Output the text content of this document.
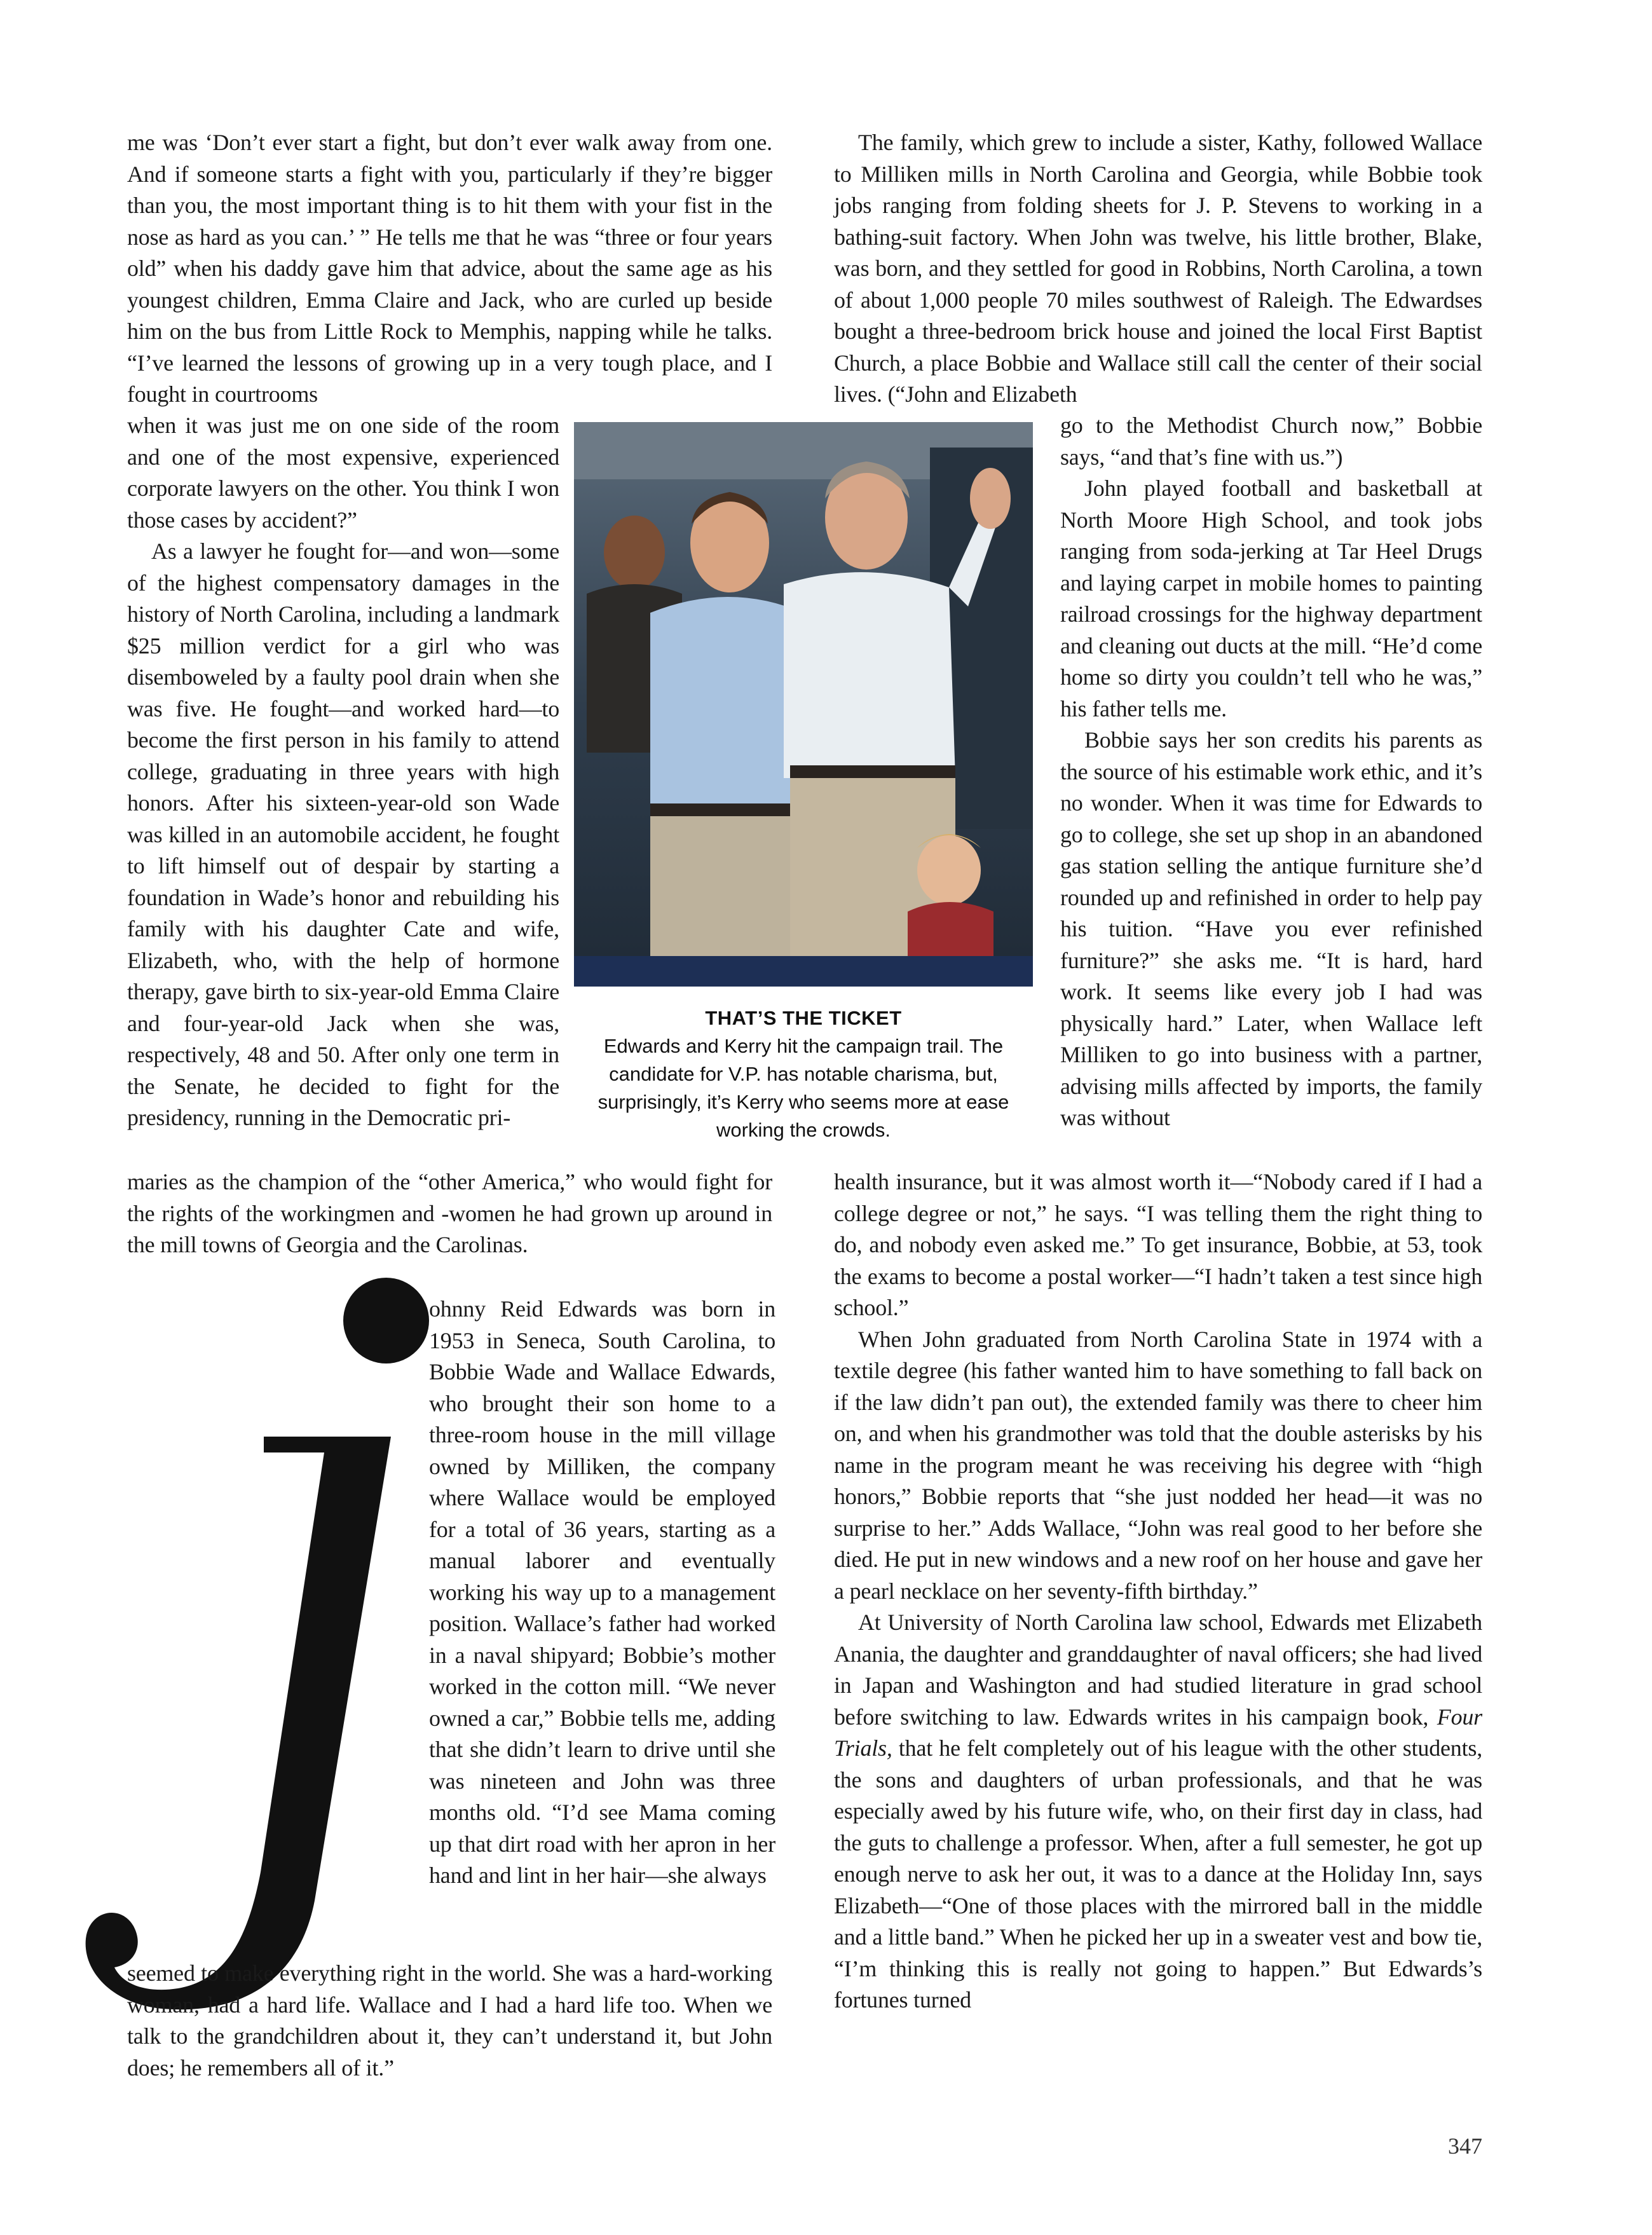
me was ‘Don’t ever start a fight, but don’t ever walk away from one. And if someone starts a fight with you, particularly if they’re bigger than you, the most important thing is to hit them with your fist in the nose as hard as you can.’ ” He tells me that he was “three or four years old” when his daddy gave him that advice, about the same age as his youngest children, Emma Claire and Jack, who are curled up beside him on the bus from Little Rock to Memphis, napping while he talks. “I’ve learned the lessons of growing up in a very tough place, and I fought in courtrooms

when it was just me on one side of the room and one of the most expensive, experienced corporate lawyers on the other. You think I won those cases by accident?”

As a lawyer he fought for—and won—some of the highest compensatory damages in the history of North Carolina, including a landmark $25 million verdict for a girl who was disemboweled by a faulty pool drain when she was five. He fought—and worked hard—to become the first person in his family to attend college, graduating in three years with high honors. After his sixteen-year-old son Wade was killed in an automobile accident, he fought to lift himself out of despair by starting a foundation in Wade’s honor and rebuilding his family with his daughter Cate and wife, Elizabeth, who, with the help of hormone therapy, gave birth to six-year-old Emma Claire and four-year-old Jack when she was, respectively, 48 and 50. After only one term in the Senate, he decided to fight for the presidency, running in the Democratic pri-

maries as the champion of the “other America,” who would fight for the rights of the workingmen and -women he had grown up around in the mill towns of Georgia and the Carolinas.

ohnny Reid Edwards was born in 1953 in Seneca, South Carolina, to Bobbie Wade and Wallace Edwards, who brought their son home to a three-room house in the mill village owned by Milliken, the company where Wallace would be employed for a total of 36 years, starting as a manual laborer and eventually working his way up to a management position. Wallace’s father had worked in a naval shipyard; Bobbie’s mother worked in the cotton mill. “We never owned a car,” Bobbie tells me, adding that she didn’t learn to drive until she was nineteen and John was three months old. “I’d see Mama coming up that dirt road with her apron in her hand and lint in her hair—she always

seemed to make everything right in the world. She was a hard-working woman, had a hard life. Wallace and I had a hard life too. When we talk to the grandchildren about it, they can’t understand it, but John does; he remembers all of it.”

THAT’S THE TICKET
Edwards and Kerry hit the campaign trail. The candidate for V.P. has notable charisma, but, surprisingly, it’s Kerry who seems more at ease working the crowds.

The family, which grew to include a sister, Kathy, followed Wallace to Milliken mills in North Carolina and Georgia, while Bobbie took jobs ranging from folding sheets for J. P. Stevens to working in a bathing-suit factory. When John was twelve, his little brother, Blake, was born, and they settled for good in Robbins, North Carolina, a town of about 1,000 people 70 miles southwest of Raleigh. The Edwardses bought a three-bedroom brick house and joined the local First Baptist Church, a place Bobbie and Wallace still call the center of their social lives. (“John and Elizabeth

go to the Methodist Church now,” Bobbie says, “and that’s fine with us.”)

John played football and basketball at North Moore High School, and took jobs ranging from soda-jerking at Tar Heel Drugs and laying carpet in mobile homes to painting railroad crossings for the highway department and cleaning out ducts at the mill. “He’d come home so dirty you couldn’t tell who he was,” his father tells me.

Bobbie says her son credits his parents as the source of his estimable work ethic, and it’s no wonder. When it was time for Edwards to go to college, she set up shop in an abandoned gas station selling the antique furniture she’d rounded up and refinished in order to help pay his tuition. “Have you ever refinished furniture?” she asks me. “It is hard, hard work. It seems like every job I had was physically hard.” Later, when Wallace left Milliken to go into business with a partner, advising mills affected by imports, the family was without

health insurance, but it was almost worth it—“Nobody cared if I had a college degree or not,” he says. “I was telling them the right thing to do, and nobody even asked me.” To get insurance, Bobbie, at 53, took the exams to become a postal worker—“I hadn’t taken a test since high school.”

When John graduated from North Carolina State in 1974 with a textile degree (his father wanted him to have something to fall back on if the law didn’t pan out), the extended family was there to cheer him on, and when his grandmother was told that the double asterisks by his name in the program meant he was receiving his degree with “high honors,” Bobbie reports that “she just nodded her head—it was no surprise to her.” Adds Wallace, “John was real good to her before she died. He put in new windows and a new roof on her house and gave her a pearl necklace on her seventy-fifth birthday.”

At University of North Carolina law school, Edwards met Elizabeth Anania, the daughter and granddaughter of naval officers; she had lived in Japan and Washington and had studied literature in grad school before switching to law. Edwards writes in his campaign book, Four Trials, that he felt completely out of his league with the other students, the sons and daughters of urban professionals, and that he was especially awed by his future wife, who, on their first day in class, had the guts to challenge a professor. When, after a full semester, he got up enough nerve to ask her out, it was to a dance at the Holiday Inn, says Elizabeth—“One of those places with the mirrored ball in the middle and a little band.” When he picked her up in a sweater vest and bow tie, “I’m thinking this is really not going to happen.” But Edwards’s fortunes turned

347
